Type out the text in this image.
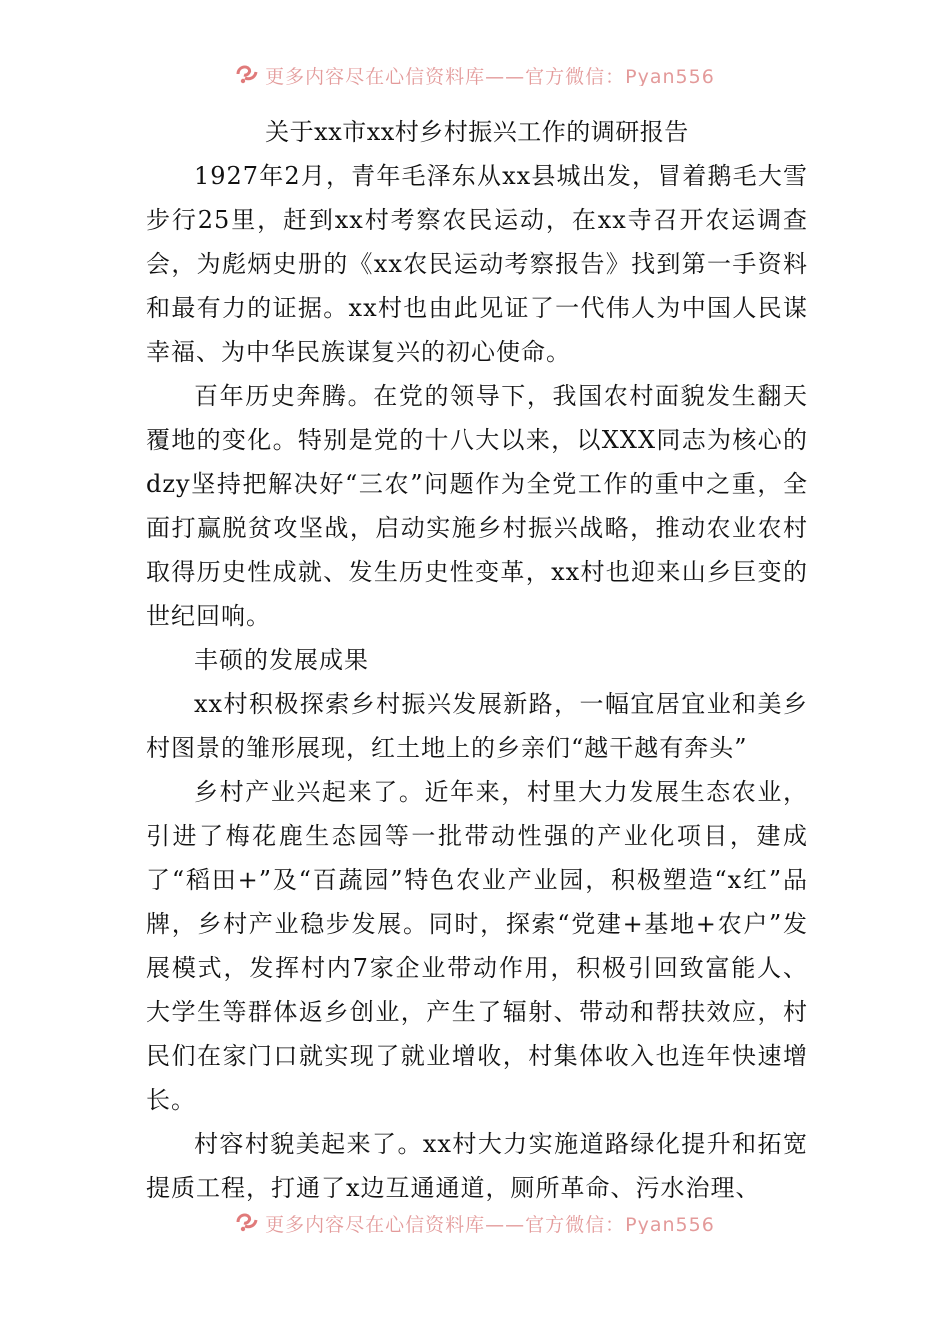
更多内容尽在心信资料库——官方微信：Pyan556
关于xx市xx村乡村振兴工作的调研报告

1927年2月，青年毛泽东从xx县城出发，冒着鹅毛大雪步行25里，赶到xx村考察农民运动，在xx寺召开农运调查会，为彪炳史册的《xx农民运动考察报告》找到第一手资料和最有力的证据。xx村也由此见证了一代伟人为中国人民谋幸福、为中华民族谋复兴的初心使命。

百年历史奔腾。在党的领导下，我国农村面貌发生翻天覆地的变化。特别是党的十八大以来，以XXX同志为核心的dzy坚持把解决好“三农”问题作为全党工作的重中之重，全面打赢脱贫攻坚战，启动实施乡村振兴战略，推动农业农村取得历史性成就、发生历史性变革，xx村也迎来山乡巨变的世纪回响。

丰硕的发展成果

xx村积极探索乡村振兴发展新路，一幅宜居宜业和美乡村图景的雏形展现，红土地上的乡亲们“越干越有奔头”

乡村产业兴起来了。近年来，村里大力发展生态农业，引进了梅花鹿生态园等一批带动性强的产业化项目，建成了“稻田+”及“百蔬园”特色农业产业园，积极塑造“x红”品牌，乡村产业稳步发展。同时，探索“党建+基地+农户”发展模式，发挥村内7家企业带动作用，积极引回致富能人、大学生等群体返乡创业，产生了辐射、带动和帮扶效应，村民们在家门口就实现了就业增收，村集体收入也连年快速增长。

村容村貌美起来了。xx村大力实施道路绿化提升和拓宽提质工程，打通了x边互通通道，厕所革命、污水治理、

更多内容尽在心信资料库——官方微信：Pyan556
